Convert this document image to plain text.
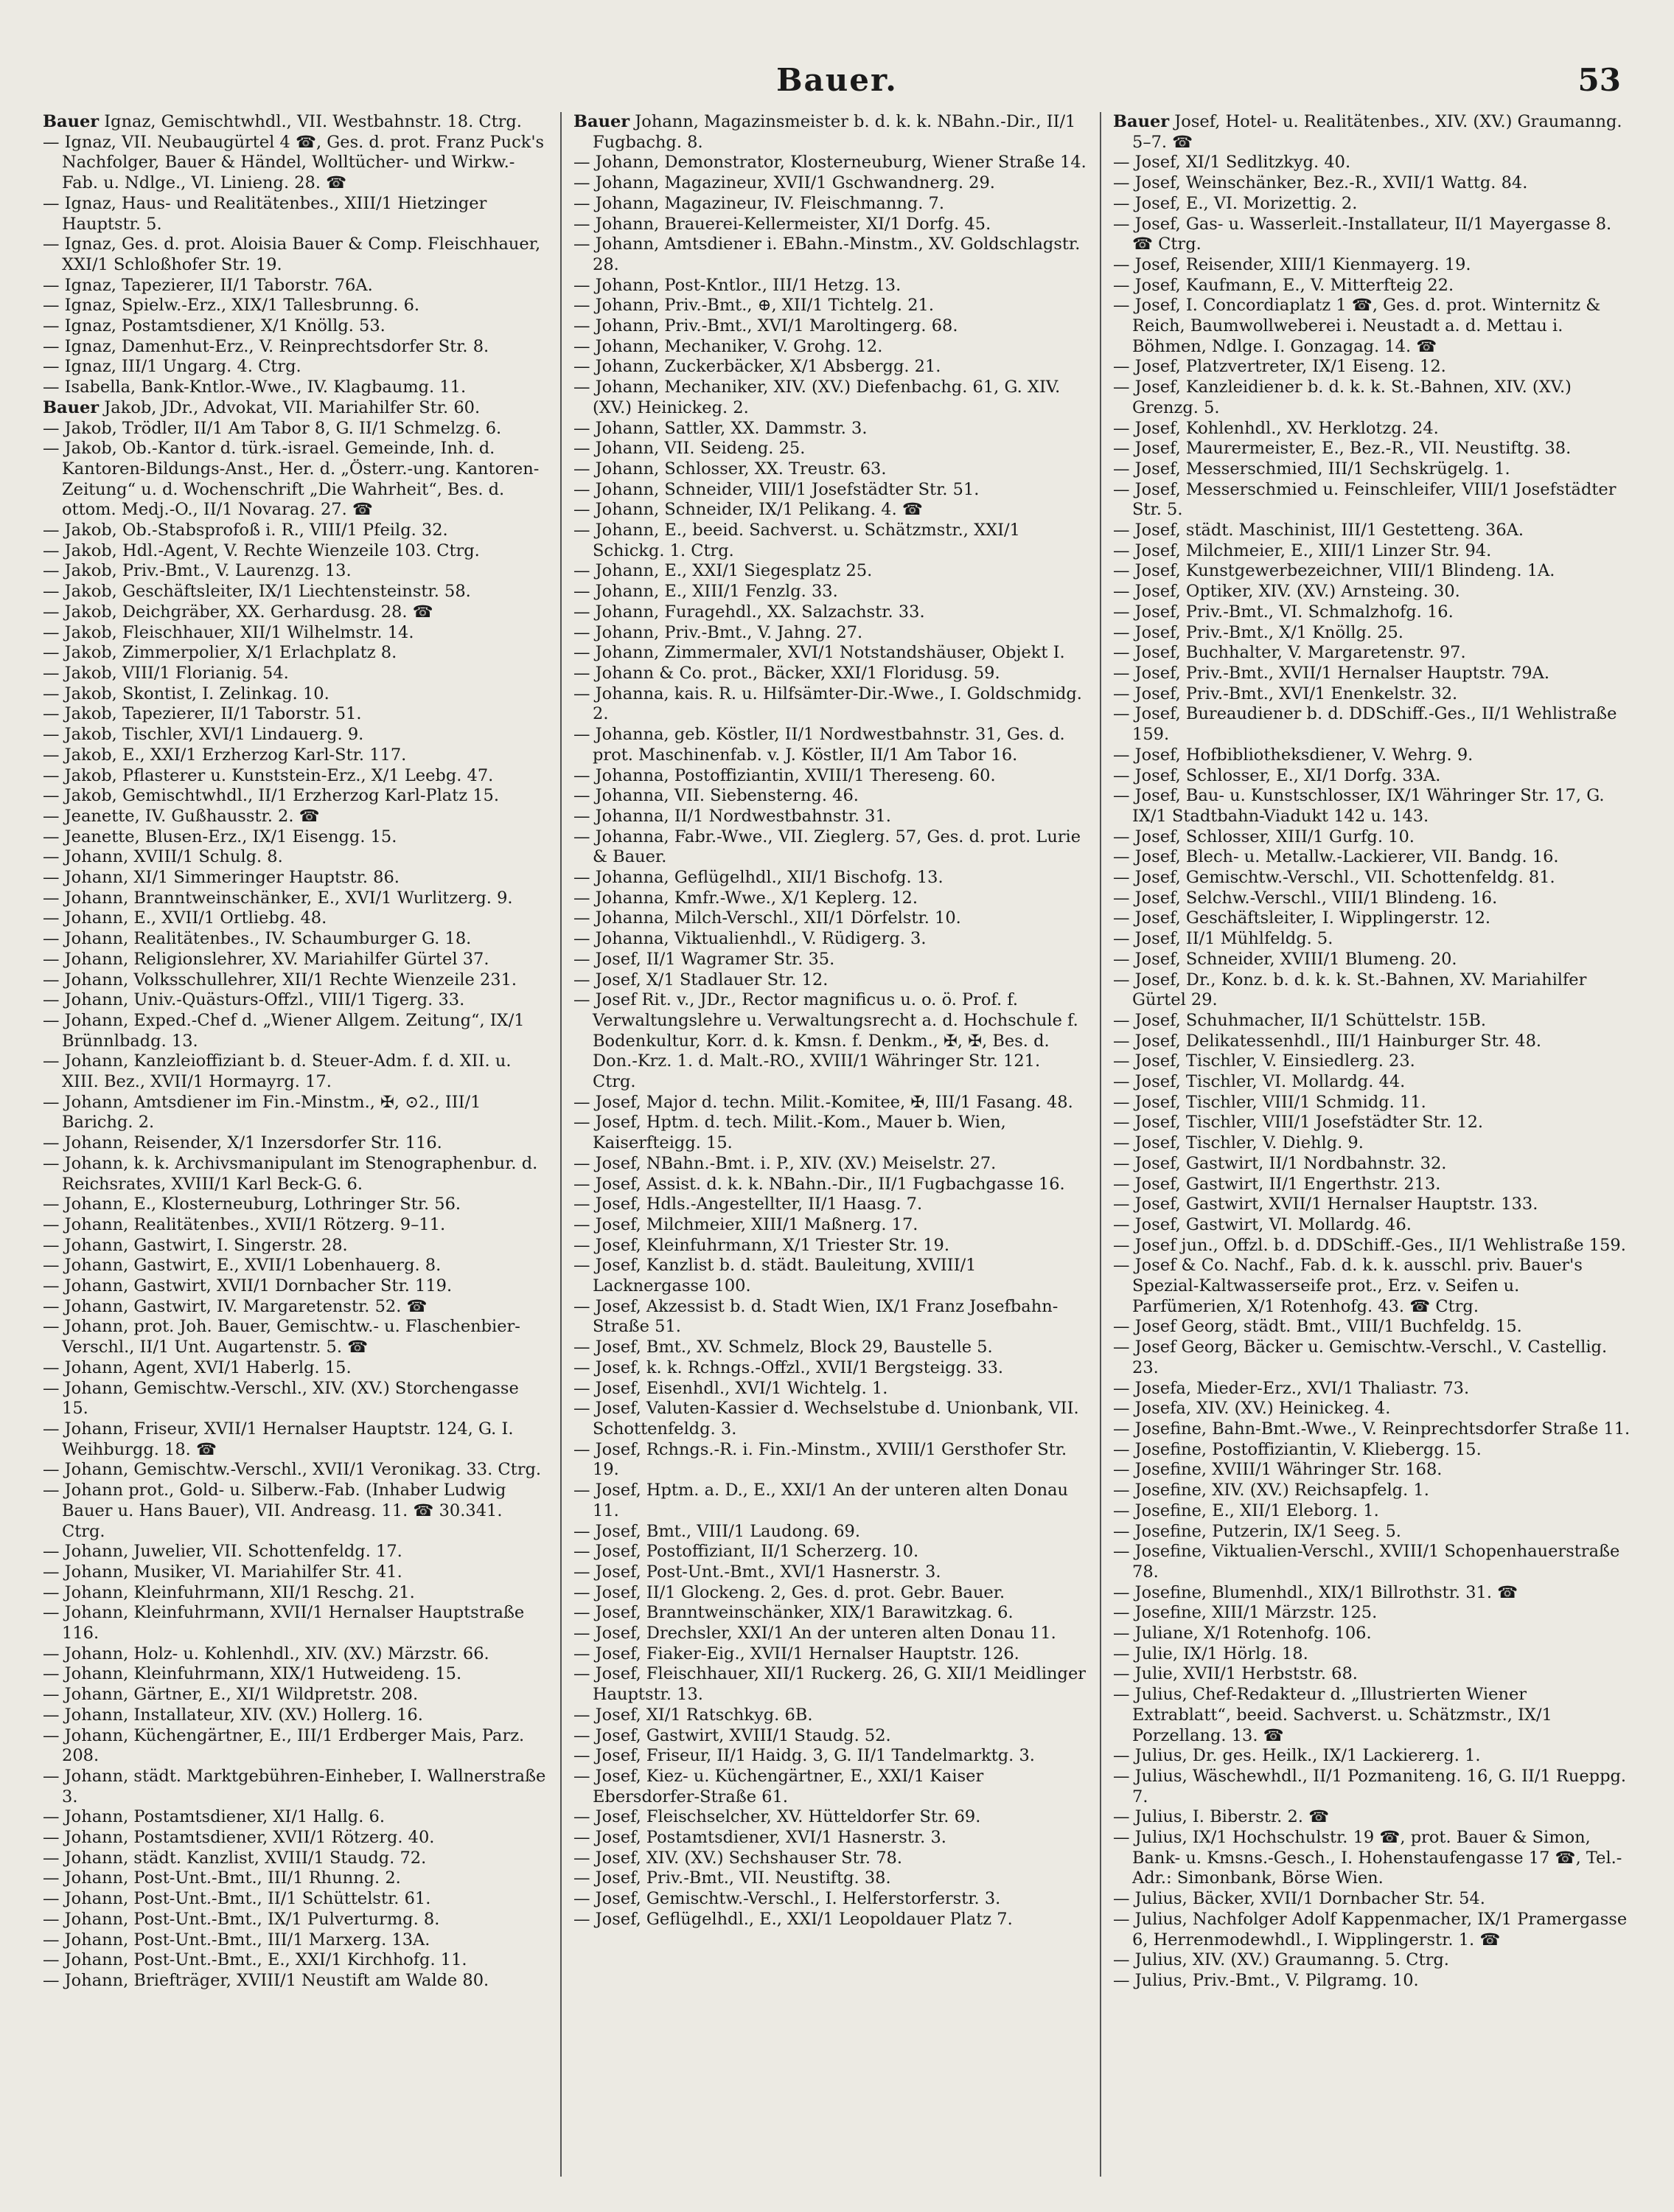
Bauer.	53
Bauer Ignaz, Gemischtwhdl., VII. Westbahnstr. 18. Ctrg.
— Ignaz, VII. Neubaugürtel 4 ☎, Ges. d. prot. Franz Puck's Nachfolger, Bauer & Händel, Wolltücher- und Wirkw.-Fab. u. Ndlge., VI. Linieng. 28. ☎
— Ignaz, Haus- und Realitätenbes., XIII/1 Hietzinger Hauptstr. 5.
— Ignaz, Ges. d. prot. Aloisia Bauer & Comp. Fleischhauer, XXI/1 Schloßhofer Str. 19.
— Ignaz, Tapezierer, II/1 Taborstr. 76A.
— Ignaz, Spielw.-Erz., XIX/1 Tallesbrunng. 6.
— Ignaz, Postamtsdiener, X/1 Knöllg. 53.
— Ignaz, Damenhut-Erz., V. Reinprechtsdorfer Str. 8.
— Ignaz, III/1 Ungarg. 4. Ctrg.
— Isabella, Bank-Kntlor.-Wwe., IV. Klagbaumg. 11.
Bauer Jakob, JDr., Advokat, VII. Mariahilfer Str. 60.
— Jakob, Trödler, II/1 Am Tabor 8, G. II/1 Schmelzg. 6.
— Jakob, Ob.-Kantor d. türk.-israel. Gemeinde, Inh. d. Kantoren-Bildungs-Anst., Her. d. „Österr.-ung. Kantoren-Zeitung“ u. d. Wochenschrift „Die Wahrheit“, Bes. d. ottom. Medj.-O., II/1 Novarag. 27. ☎
— Jakob, Ob.-Stabsprofoß i. R., VIII/1 Pfeilg. 32.
— Jakob, Hdl.-Agent, V. Rechte Wienzeile 103. Ctrg.
— Jakob, Priv.-Bmt., V. Laurenzg. 13.
— Jakob, Geschäftsleiter, IX/1 Liechtensteinstr. 58.
— Jakob, Deichgräber, XX. Gerhardusg. 28. ☎
— Jakob, Fleischhauer, XII/1 Wilhelmstr. 14.
— Jakob, Zimmerpolier, X/1 Erlachplatz 8.
— Jakob, VIII/1 Florianig. 54.
— Jakob, Skontist, I. Zelinkag. 10.
— Jakob, Tapezierer, II/1 Taborstr. 51.
— Jakob, Tischler, XVI/1 Lindauerg. 9.
— Jakob, E., XXI/1 Erzherzog Karl-Str. 117.
— Jakob, Pflasterer u. Kunststein-Erz., X/1 Leebg. 47.
— Jakob, Gemischtwhdl., II/1 Erzherzog Karl-Platz 15.
— Jeanette, IV. Gußhausstr. 2. ☎
— Jeanette, Blusen-Erz., IX/1 Eisengg. 15.
— Johann, XVIII/1 Schulg. 8.
— Johann, XI/1 Simmeringer Hauptstr. 86.
— Johann, Branntweinschänker, E., XVI/1 Wurlitzerg. 9.
— Johann, E., XVII/1 Ortliebg. 48.
— Johann, Realitätenbes., IV. Schaumburger G. 18.
— Johann, Religionslehrer, XV. Mariahilfer Gürtel 37.
— Johann, Volksschullehrer, XII/1 Rechte Wienzeile 231.
— Johann, Univ.-Quästurs-Offzl., VIII/1 Tigerg. 33.
— Johann, Exped.-Chef d. „Wiener Allgem. Zeitung“, IX/1 Brünnlbadg. 13.
— Johann, Kanzleioffiziant b. d. Steuer-Adm. f. d. XII. u. XIII. Bez., XVII/1 Hormayrg. 17.
— Johann, Amtsdiener im Fin.-Minstm., ✠, ⊙2., III/1 Barichg. 2.
— Johann, Reisender, X/1 Inzersdorfer Str. 116.
— Johann, k. k. Archivsmanipulant im Stenographenbur. d. Reichsrates, XVIII/1 Karl Beck-G. 6.
— Johann, E., Klosterneuburg, Lothringer Str. 56.
— Johann, Realitätenbes., XVII/1 Rötzerg. 9–11.
— Johann, Gastwirt, I. Singerstr. 28.
— Johann, Gastwirt, E., XVII/1 Lobenhauerg. 8.
— Johann, Gastwirt, XVII/1 Dornbacher Str. 119.
— Johann, Gastwirt, IV. Margaretenstr. 52. ☎
— Johann, prot. Joh. Bauer, Gemischtw.- u. Flaschenbier-Verschl., II/1 Unt. Augartenstr. 5. ☎
— Johann, Agent, XVI/1 Haberlg. 15.
— Johann, Gemischtw.-Verschl., XIV. (XV.) Storchengasse 15.
— Johann, Friseur, XVII/1 Hernalser Hauptstr. 124, G. I. Weihburgg. 18. ☎
— Johann, Gemischtw.-Verschl., XVII/1 Veronikag. 33. Ctrg.
— Johann prot., Gold- u. Silberw.-Fab. (Inhaber Ludwig Bauer u. Hans Bauer), VII. Andreasg. 11. ☎ 30.341. Ctrg.
— Johann, Juwelier, VII. Schottenfeldg. 17.
— Johann, Musiker, VI. Mariahilfer Str. 41.
— Johann, Kleinfuhrmann, XII/1 Reschg. 21.
— Johann, Kleinfuhrmann, XVII/1 Hernalser Hauptstraße 116.
— Johann, Holz- u. Kohlenhdl., XIV. (XV.) Märzstr. 66.
— Johann, Kleinfuhrmann, XIX/1 Hutweideng. 15.
— Johann, Gärtner, E., XI/1 Wildpretstr. 208.
— Johann, Installateur, XIV. (XV.) Hollerg. 16.
— Johann, Küchengärtner, E., III/1 Erdberger Mais, Parz. 208.
— Johann, städt. Marktgebühren-Einheber, I. Wallnerstraße 3.
— Johann, Postamtsdiener, XI/1 Hallg. 6.
— Johann, Postamtsdiener, XVII/1 Rötzerg. 40.
— Johann, städt. Kanzlist, XVIII/1 Staudg. 72.
— Johann, Post-Unt.-Bmt., III/1 Rhunng. 2.
— Johann, Post-Unt.-Bmt., II/1 Schüttelstr. 61.
— Johann, Post-Unt.-Bmt., IX/1 Pulverturmg. 8.
— Johann, Post-Unt.-Bmt., III/1 Marxerg. 13A.
— Johann, Post-Unt.-Bmt., E., XXI/1 Kirchhofg. 11.
— Johann, Briefträger, XVIII/1 Neustift am Walde 80.
Bauer Johann, Magazinsmeister b. d. k. k. NBahn.-Dir., II/1 Fugbachg. 8.
— Johann, Demonstrator, Klosterneuburg, Wiener Straße 14.
— Johann, Magazineur, XVII/1 Gschwandnerg. 29.
— Johann, Magazineur, IV. Fleischmanng. 7.
— Johann, Brauerei-Kellermeister, XI/1 Dorfg. 45.
— Johann, Amtsdiener i. EBahn.-Minstm., XV. Goldschlagstr. 28.
— Johann, Post-Kntlor., III/1 Hetzg. 13.
— Johann, Priv.-Bmt., ⊕, XII/1 Tichtelg. 21.
— Johann, Priv.-Bmt., XVI/1 Maroltingerg. 68.
— Johann, Mechaniker, V. Grohg. 12.
— Johann, Zuckerbäcker, X/1 Absbergg. 21.
— Johann, Mechaniker, XIV. (XV.) Diefenbachg. 61, G. XIV. (XV.) Heinickeg. 2.
— Johann, Sattler, XX. Dammstr. 3.
— Johann, VII. Seideng. 25.
— Johann, Schlosser, XX. Treustr. 63.
— Johann, Schneider, VIII/1 Josefstädter Str. 51.
— Johann, Schneider, IX/1 Pelikang. 4. ☎
— Johann, E., beeid. Sachverst. u. Schätzmstr., XXI/1 Schickg. 1. Ctrg.
— Johann, E., XXI/1 Siegesplatz 25.
— Johann, E., XIII/1 Fenzlg. 33.
— Johann, Furagehdl., XX. Salzachstr. 33.
— Johann, Priv.-Bmt., V. Jahng. 27.
— Johann, Zimmermaler, XVI/1 Notstandshäuser, Objekt I.
— Johann & Co. prot., Bäcker, XXI/1 Floridusg. 59.
— Johanna, kais. R. u. Hilfsämter-Dir.-Wwe., I. Goldschmidg. 2.
— Johanna, geb. Köstler, II/1 Nordwestbahnstr. 31, Ges. d. prot. Maschinenfab. v. J. Köstler, II/1 Am Tabor 16.
— Johanna, Postoffiziantin, XVIII/1 Thereseng. 60.
— Johanna, VII. Siebensterng. 46.
— Johanna, II/1 Nordwestbahnstr. 31.
— Johanna, Fabr.-Wwe., VII. Zieglerg. 57, Ges. d. prot. Lurie & Bauer.
— Johanna, Geflügelhdl., XII/1 Bischofg. 13.
— Johanna, Kmfr.-Wwe., X/1 Keplerg. 12.
— Johanna, Milch-Verschl., XII/1 Dörfelstr. 10.
— Johanna, Viktualienhdl., V. Rüdigerg. 3.
— Josef, II/1 Wagramer Str. 35.
— Josef, X/1 Stadlauer Str. 12.
— Josef Rit. v., JDr., Rector magnificus u. o. ö. Prof. f. Verwaltungslehre u. Verwaltungsrecht a. d. Hochschule f. Bodenkultur, Korr. d. k. Kmsn. f. Denkm., ✠, ✠, Bes. d. Don.-Krz. 1. d. Malt.-RO., XVIII/1 Währinger Str. 121. Ctrg.
— Josef, Major d. techn. Milit.-Komitee, ✠, III/1 Fasang. 48.
— Josef, Hptm. d. tech. Milit.-Kom., Mauer b. Wien, Kaiserfteigg. 15.
— Josef, NBahn.-Bmt. i. P., XIV. (XV.) Meiselstr. 27.
— Josef, Assist. d. k. k. NBahn.-Dir., II/1 Fugbachgasse 16.
— Josef, Hdls.-Angestellter, II/1 Haasg. 7.
— Josef, Milchmeier, XIII/1 Maßnerg. 17.
— Josef, Kleinfuhrmann, X/1 Triester Str. 19.
— Josef, Kanzlist b. d. städt. Bauleitung, XVIII/1 Lacknergasse 100.
— Josef, Akzessist b. d. Stadt Wien, IX/1 Franz Josefbahn-Straße 51.
— Josef, Bmt., XV. Schmelz, Block 29, Baustelle 5.
— Josef, k. k. Rchngs.-Offzl., XVII/1 Bergsteigg. 33.
— Josef, Eisenhdl., XVI/1 Wichtelg. 1.
— Josef, Valuten-Kassier d. Wechselstube d. Unionbank, VII. Schottenfeldg. 3.
— Josef, Rchngs.-R. i. Fin.-Minstm., XVIII/1 Gersthofer Str. 19.
— Josef, Hptm. a. D., E., XXI/1 An der unteren alten Donau 11.
— Josef, Bmt., VIII/1 Laudong. 69.
— Josef, Postoffiziant, II/1 Scherzerg. 10.
— Josef, Post-Unt.-Bmt., XVI/1 Hasnerstr. 3.
— Josef, II/1 Glockeng. 2, Ges. d. prot. Gebr. Bauer.
— Josef, Branntweinschänker, XIX/1 Barawitzkag. 6.
— Josef, Drechsler, XXI/1 An der unteren alten Donau 11.
— Josef, Fiaker-Eig., XVII/1 Hernalser Hauptstr. 126.
— Josef, Fleischhauer, XII/1 Ruckerg. 26, G. XII/1 Meidlinger Hauptstr. 13.
— Josef, XI/1 Ratschkyg. 6B.
— Josef, Gastwirt, XVIII/1 Staudg. 52.
— Josef, Friseur, II/1 Haidg. 3, G. II/1 Tandelmarktg. 3.
— Josef, Kiez- u. Küchengärtner, E., XXI/1 Kaiser Ebersdorfer-Straße 61.
— Josef, Fleischselcher, XV. Hütteldorfer Str. 69.
— Josef, Postamtsdiener, XVI/1 Hasnerstr. 3.
— Josef, XIV. (XV.) Sechshauser Str. 78.
— Josef, Priv.-Bmt., VII. Neustiftg. 38.
— Josef, Gemischtw.-Verschl., I. Helferstorferstr. 3.
— Josef, Geflügelhdl., E., XXI/1 Leopoldauer Platz 7.
Bauer Josef, Hotel- u. Realitätenbes., XIV. (XV.) Graumanng. 5–7. ☎
— Josef, XI/1 Sedlitzkyg. 40.
— Josef, Weinschänker, Bez.-R., XVII/1 Wattg. 84.
— Josef, E., VI. Morizettig. 2.
— Josef, Gas- u. Wasserleit.-Installateur, II/1 Mayergasse 8. ☎ Ctrg.
— Josef, Reisender, XIII/1 Kienmayerg. 19.
— Josef, Kaufmann, E., V. Mitterfteig 22.
— Josef, I. Concordiaplatz 1 ☎, Ges. d. prot. Winternitz & Reich, Baumwollweberei i. Neustadt a. d. Mettau i. Böhmen, Ndlge. I. Gonzagag. 14. ☎
— Josef, Platzvertreter, IX/1 Eiseng. 12.
— Josef, Kanzleidiener b. d. k. k. St.-Bahnen, XIV. (XV.) Grenzg. 5.
— Josef, Kohlenhdl., XV. Herklotzg. 24.
— Josef, Maurermeister, E., Bez.-R., VII. Neustiftg. 38.
— Josef, Messerschmied, III/1 Sechskrügelg. 1.
— Josef, Messerschmied u. Feinschleifer, VIII/1 Josefstädter Str. 5.
— Josef, städt. Maschinist, III/1 Gestetteng. 36A.
— Josef, Milchmeier, E., XIII/1 Linzer Str. 94.
— Josef, Kunstgewerbezeichner, VIII/1 Blindeng. 1A.
— Josef, Optiker, XIV. (XV.) Arnsteing. 30.
— Josef, Priv.-Bmt., VI. Schmalzhofg. 16.
— Josef, Priv.-Bmt., X/1 Knöllg. 25.
— Josef, Buchhalter, V. Margaretenstr. 97.
— Josef, Priv.-Bmt., XVII/1 Hernalser Hauptstr. 79A.
— Josef, Priv.-Bmt., XVI/1 Enenkelstr. 32.
— Josef, Bureaudiener b. d. DDSchiff.-Ges., II/1 Wehlistraße 159.
— Josef, Hofbibliotheksdiener, V. Wehrg. 9.
— Josef, Schlosser, E., XI/1 Dorfg. 33A.
— Josef, Bau- u. Kunstschlosser, IX/1 Währinger Str. 17, G. IX/1 Stadtbahn-Viadukt 142 u. 143.
— Josef, Schlosser, XIII/1 Gurfg. 10.
— Josef, Blech- u. Metallw.-Lackierer, VII. Bandg. 16.
— Josef, Gemischtw.-Verschl., VII. Schottenfeldg. 81.
— Josef, Selchw.-Verschl., VIII/1 Blindeng. 16.
— Josef, Geschäftsleiter, I. Wipplingerstr. 12.
— Josef, II/1 Mühlfeldg. 5.
— Josef, Schneider, XVIII/1 Blumeng. 20.
— Josef, Dr., Konz. b. d. k. k. St.-Bahnen, XV. Mariahilfer Gürtel 29.
— Josef, Schuhmacher, II/1 Schüttelstr. 15B.
— Josef, Delikatessenhdl., III/1 Hainburger Str. 48.
— Josef, Tischler, V. Einsiedlerg. 23.
— Josef, Tischler, VI. Mollardg. 44.
— Josef, Tischler, VIII/1 Schmidg. 11.
— Josef, Tischler, VIII/1 Josefstädter Str. 12.
— Josef, Tischler, V. Diehlg. 9.
— Josef, Gastwirt, II/1 Nordbahnstr. 32.
— Josef, Gastwirt, II/1 Engerthstr. 213.
— Josef, Gastwirt, XVII/1 Hernalser Hauptstr. 133.
— Josef, Gastwirt, VI. Mollardg. 46.
— Josef jun., Offzl. b. d. DDSchiff.-Ges., II/1 Wehlistraße 159.
— Josef & Co. Nachf., Fab. d. k. k. ausschl. priv. Bauer's Spezial-Kaltwasserseife prot., Erz. v. Seifen u. Parfümerien, X/1 Rotenhofg. 43. ☎ Ctrg.
— Josef Georg, städt. Bmt., VIII/1 Buchfeldg. 15.
— Josef Georg, Bäcker u. Gemischtw.-Verschl., V. Castellig. 23.
— Josefa, Mieder-Erz., XVI/1 Thaliastr. 73.
— Josefa, XIV. (XV.) Heinickeg. 4.
— Josefine, Bahn-Bmt.-Wwe., V. Reinprechtsdorfer Straße 11.
— Josefine, Postoffiziantin, V. Kliebergg. 15.
— Josefine, XVIII/1 Währinger Str. 168.
— Josefine, XIV. (XV.) Reichsapfelg. 1.
— Josefine, E., XII/1 Eleborg. 1.
— Josefine, Putzerin, IX/1 Seeg. 5.
— Josefine, Viktualien-Verschl., XVIII/1 Schopenhauerstraße 78.
— Josefine, Blumenhdl., XIX/1 Billrothstr. 31. ☎
— Josefine, XIII/1 Märzstr. 125.
— Juliane, X/1 Rotenhofg. 106.
— Julie, IX/1 Hörlg. 18.
— Julie, XVII/1 Herbststr. 68.
— Julius, Chef-Redakteur d. „Illustrierten Wiener Extrablatt“, beeid. Sachverst. u. Schätzmstr., IX/1 Porzellang. 13. ☎
— Julius, Dr. ges. Heilk., IX/1 Lackiererg. 1.
— Julius, Wäschewhdl., II/1 Pozmaniteng. 16, G. II/1 Rueppg. 7.
— Julius, I. Biberstr. 2. ☎
— Julius, IX/1 Hochschulstr. 19 ☎, prot. Bauer & Simon, Bank- u. Kmsns.-Gesch., I. Hohenstaufengasse 17 ☎, Tel.-Adr.: Simonbank, Börse Wien.
— Julius, Bäcker, XVII/1 Dornbacher Str. 54.
— Julius, Nachfolger Adolf Kappenmacher, IX/1 Pramergasse 6, Herrenmodewhdl., I. Wipplingerstr. 1. ☎
— Julius, XIV. (XV.) Graumanng. 5. Ctrg.
— Julius, Priv.-Bmt., V. Pilgramg. 10.
